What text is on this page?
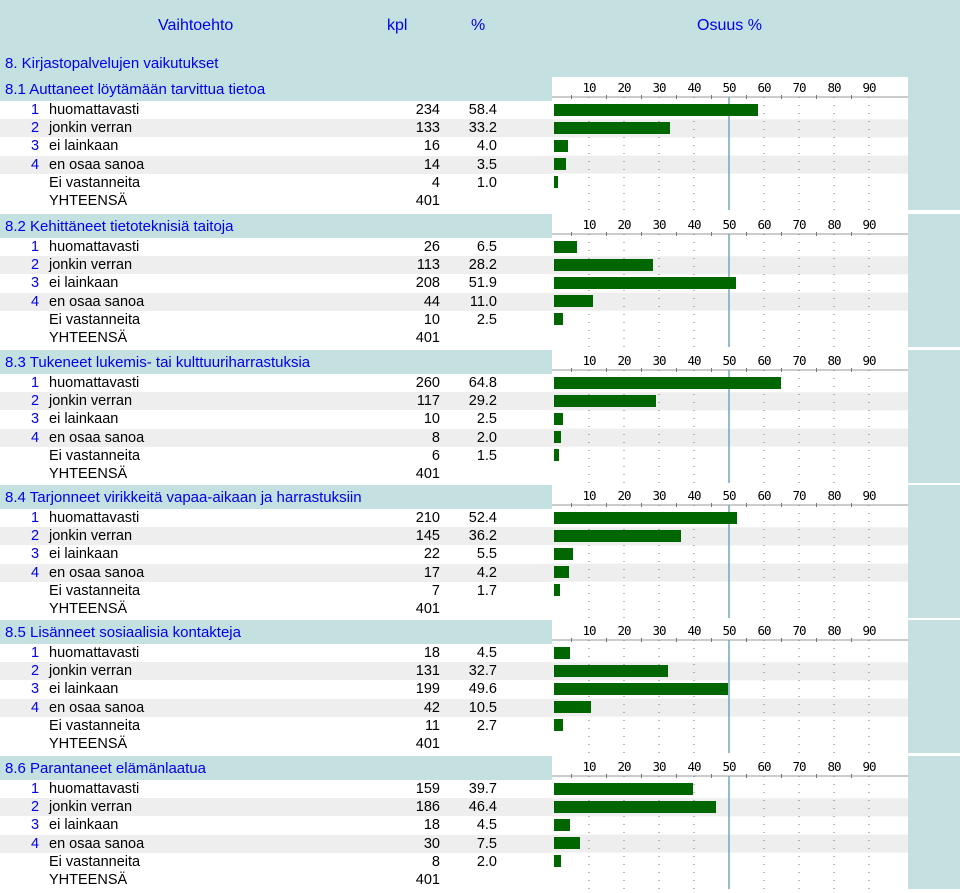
Vaihtoehto	kpl	%	Osuus %
8. Kirjastopalvelujen vaikutukset
8.1 Auttaneet löytämään tarvittua tietoa	10 20 30 40 50 60 70 80 90
1 huomattavasti	234	58.4
2 jonkin verran	133	33.2
3 ei lainkaan	16	4.0
4 en osaa sanoa	14	3.5
Ei vastanneita	4	1.0
YHTEENSÄ	401
8.2 Kehittäneet tietoteknisiä taitoja	10 20 30 40 50 60 70 80 90
1 huomattavasti	26	6.5
2 jonkin verran	113	28.2
3 ei lainkaan	208	51.9
4 en osaa sanoa	44	11.0
Ei vastanneita	10	2.5
YHTEENSÄ	401
8.3 Tukeneet lukemis- tai kulttuuriharrastuksia	10 20 30 40 50 60 70 80 90
1 huomattavasti	260	64.8
2 jonkin verran	117	29.2
3 ei lainkaan	10	2.5
4 en osaa sanoa	8	2.0
Ei vastanneita	6	1.5
YHTEENSÄ	401
8.4 Tarjonneet virikkeitä vapaa-aikaan ja harrastuksiin	10 20 30 40 50 60 70 80 90
1 huomattavasti	210	52.4
2 jonkin verran	145	36.2
3 ei lainkaan	22	5.5
4 en osaa sanoa	17	4.2
Ei vastanneita	7	1.7
YHTEENSÄ	401
8.5 Lisänneet sosiaalisia kontakteja	10 20 30 40 50 60 70 80 90
1 huomattavasti	18	4.5
2 jonkin verran	131	32.7
3 ei lainkaan	199	49.6
4 en osaa sanoa	42	10.5
Ei vastanneita	11	2.7
YHTEENSÄ	401
8.6 Parantaneet elämänlaatua	10 20 30 40 50 60 70 80 90
1 huomattavasti	159	39.7
2 jonkin verran	186	46.4
3 ei lainkaan	18	4.5
4 en osaa sanoa	30	7.5
Ei vastanneita	8	2.0
YHTEENSÄ	401
